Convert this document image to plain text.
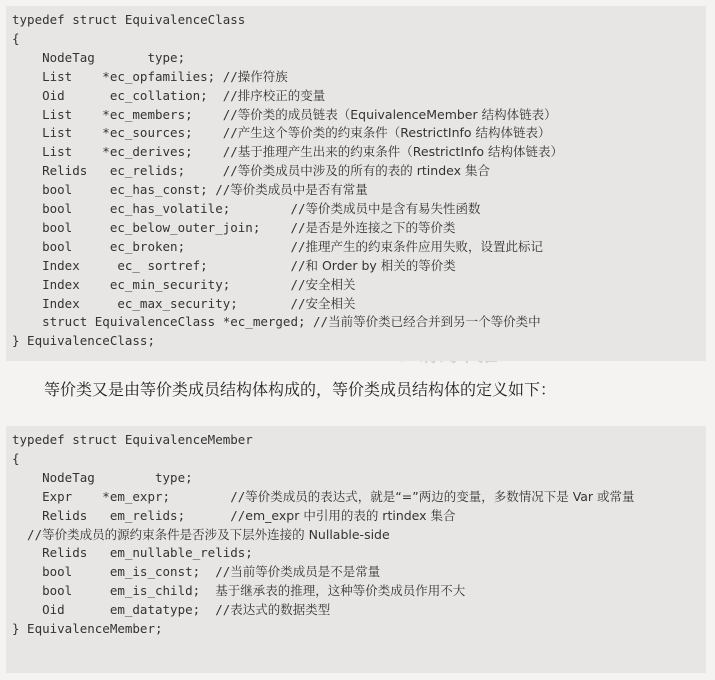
typedef struct EquivalenceClass
{
NodeTag       type;
List    *ec_opfamilies; //操作符族
Oid      ec_collation;  //排序校正的变量
List    *ec_members;    //等价类的成员链表（EquivalenceMember 结构体链表）
List    *ec_sources;    //产生这个等价类的约束条件（RestrictInfo 结构体链表）
List    *ec_derives;    //基于推理产生出来的约束条件（RestrictInfo 结构体链表）
Relids   ec_relids;     //等价类成员中涉及的所有的表的 rtindex 集合
bool     ec_has_const; //等价类成员中是否有常量
bool     ec_has_volatile;        //等价类成员中是含有易失性函数
bool     ec_below_outer_join;    //是否是外连接之下的等价类
bool     ec_broken;              //推理产生的约束条件应用失败，设置此标记
Index     ec_ sortref;           //和 Order by 相关的等价类
Index    ec_min_security;        //安全相关
Index     ec_max_security;       //安全相关
struct EquivalenceClass *ec_merged; //当前等价类已经合并到另一个等价类中
} EquivalenceClass;
等价类又是由等价类成员结构体构成的，等价类成员结构体的定义如下：
typedef struct EquivalenceMember
{
NodeTag        type;
Expr    *em_expr;        //等价类成员的表达式，就是“=”两边的变量，多数情况下是 Var 或常量
Relids   em_relids;      //em_expr 中引用的表的 rtindex 集合
//等价类成员的源约束条件是否涉及下层外连接的 Nullable-side
Relids   em_nullable_relids;
bool     em_is_const;  //当前等价类成员是不是常量
bool     em_is_child;  基于继承表的推理，这种等价类成员作用不大
Oid      em_datatype;  //表达式的数据类型
} EquivalenceMember;
